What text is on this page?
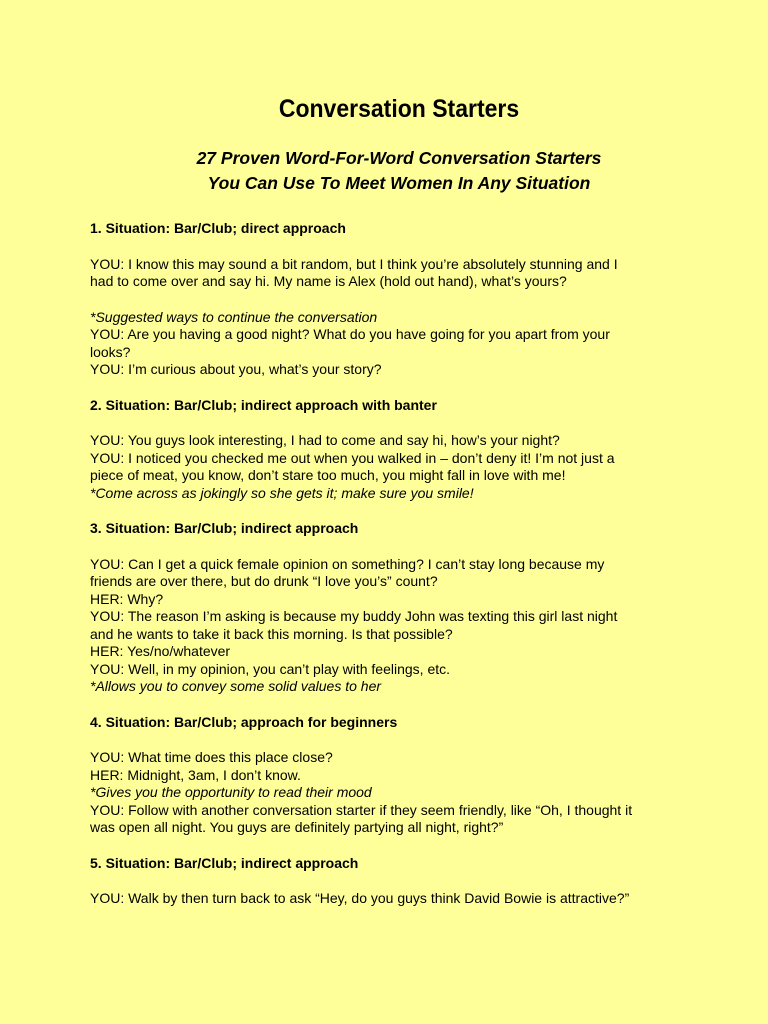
Conversation Starters
27 Proven Word-For-Word Conversation Starters
You Can Use To Meet Women In Any Situation
1. Situation: Bar/Club; direct approach
YOU: I know this may sound a bit random, but I think you’re absolutely stunning and I
had to come over and say hi. My name is Alex (hold out hand), what’s yours?
*Suggested ways to continue the conversation
YOU: Are you having a good night? What do you have going for you apart from your
looks?
YOU: I’m curious about you, what’s your story?
2. Situation: Bar/Club; indirect approach with banter
YOU: You guys look interesting, I had to come and say hi, how’s your night?
YOU: I noticed you checked me out when you walked in – don’t deny it! I’m not just a
piece of meat, you know, don’t stare too much, you might fall in love with me!
*Come across as jokingly so she gets it; make sure you smile!
3. Situation: Bar/Club; indirect approach
YOU: Can I get a quick female opinion on something? I can’t stay long because my
friends are over there, but do drunk “I love you’s” count?
HER: Why?
YOU: The reason I’m asking is because my buddy John was texting this girl last night
and he wants to take it back this morning. Is that possible?
HER: Yes/no/whatever
YOU: Well, in my opinion, you can’t play with feelings, etc.
*Allows you to convey some solid values to her
4. Situation: Bar/Club; approach for beginners
YOU: What time does this place close?
HER: Midnight, 3am, I don’t know.
*Gives you the opportunity to read their mood
YOU: Follow with another conversation starter if they seem friendly, like “Oh, I thought it
was open all night. You guys are definitely partying all night, right?”
5. Situation: Bar/Club; indirect approach
YOU: Walk by then turn back to ask “Hey, do you guys think David Bowie is attractive?”
